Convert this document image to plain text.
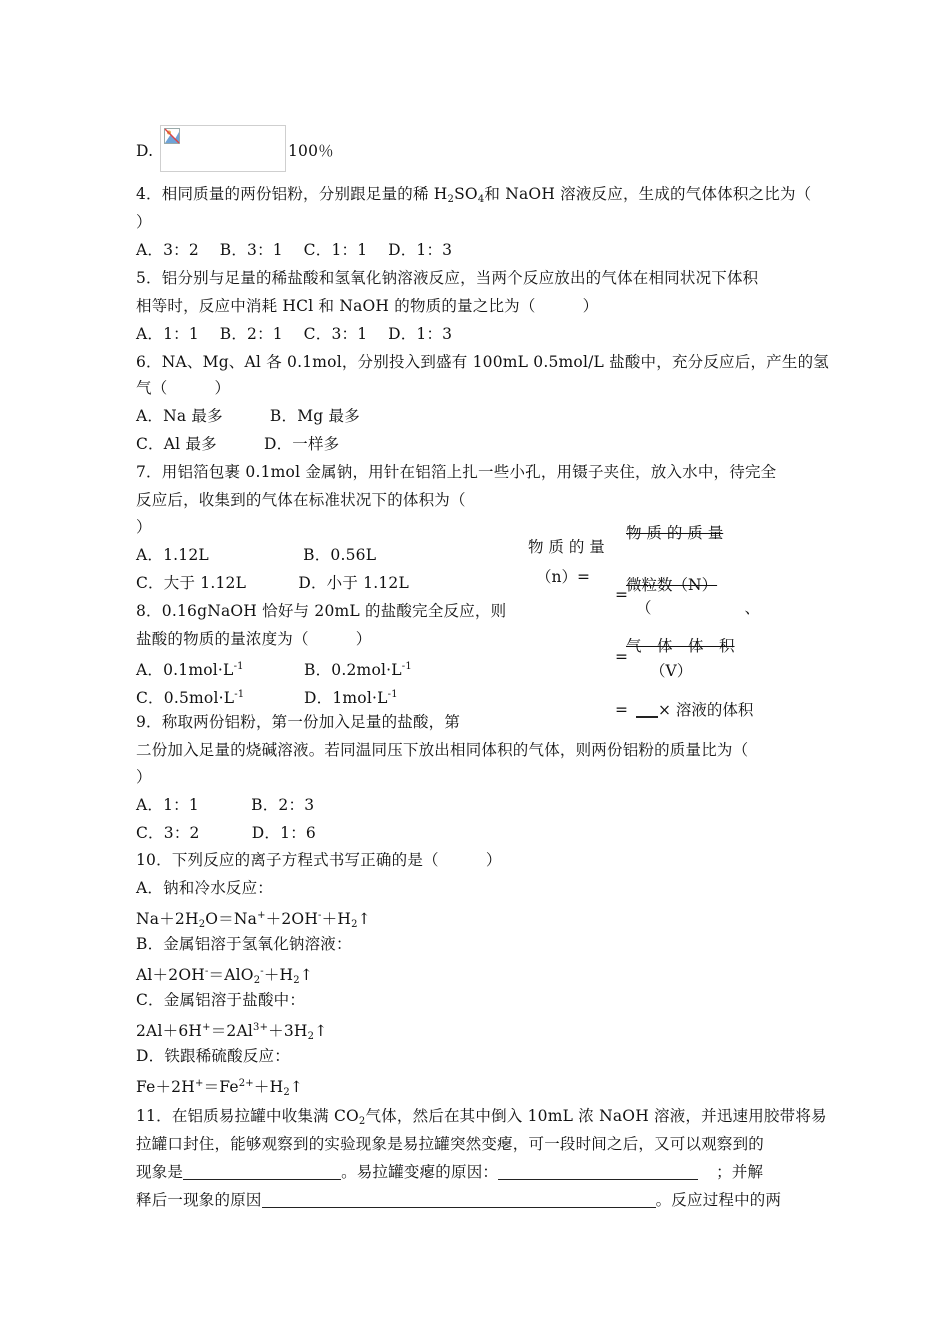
D.	100％
4．相同质量的两份铝粉，分别跟足量的稀 $H_2SO_4$和 NaOH 溶液反应，生成的气体体积之比为（
）
A．3：2　 B．3：1　 C．1：1　 D．1：3
5．铝分别与足量的稀盐酸和氢氧化钠溶液反应，当两个反应放出的气体在相同状况下体积
相等时，反应中消耗 HCl 和 NaOH 的物质的量之比为（　　　）
A．1：1　 B．2：1　 C．3：1　 D．1：3
6．NA、Mg、Al 各 0.1mol，分别投入到盛有 100mL 0.5mol/L 盐酸中，充分反应后，产生的氢
气（　　　）
A．Na 最多　　　B．Mg 最多
C．Al 最多　　　D．一样多
7．用铝箔包裹 0.1mol 金属钠，用针在铝箔上扎一些小孔，用镊子夹住，放入水中，待完全
反应后，收集到的气体在标准状况下的体积为（
）
A．1.12L　　　　　　B．0.56L
C．大于 1.12L　　　 D．小于 1.12L
8．0.16gNaOH 恰好与 20mL 的盐酸完全反应，则
盐酸的物质的量浓度为（　　　）
A．$0.1mol\cdot L^{-1}$	B．$0.2mol\cdot L^{-1}$
C．$0.5mol\cdot L^{-1}$	D．$1mol\cdot L^{-1}$
9．称取两份铝粉，第一份加入足量的盐酸，第
二份加入足量的烧碱溶液。若同温同压下放出相同体积的气体，则两份铝粉的质量比为（
）
A．1：1　　　 B．2：3
C．3：2　　　 D．1：6
10．下列反应的离子方程式书写正确的是（　　　）
A．钠和冷水反应：
$Na+2H_2O=Na^++2OH^-+H_2↑$
B．金属铝溶于氢氧化钠溶液：
$Al+2OH^-=AlO_2^-+H_2↑$
C．金属铝溶于盐酸中：
$2Al+6H^+=2Al^{3+}+3H_2↑$
D．铁跟稀硫酸反应：
$Fe+2H^+=Fe^{2+}+H_2↑$
11．在铝质易拉罐中收集满 $CO_2$气体，然后在其中倒入 10mL 浓 NaOH 溶液，并迅速用胶带将易
拉罐口封住，能够观察到的实验现象是易拉罐突然变瘪，可一段时间之后，又可以观察到的
现象是	。易拉罐变瘪的原因：	；并解
释后一现象的原因	。反应过程中的两
物 质 的 量
（n）=
物 质 的 质 量
=
微粒数（N）
（　　　　　　、
=
气　体　体　积
（V）
=	× 溶液的体积
